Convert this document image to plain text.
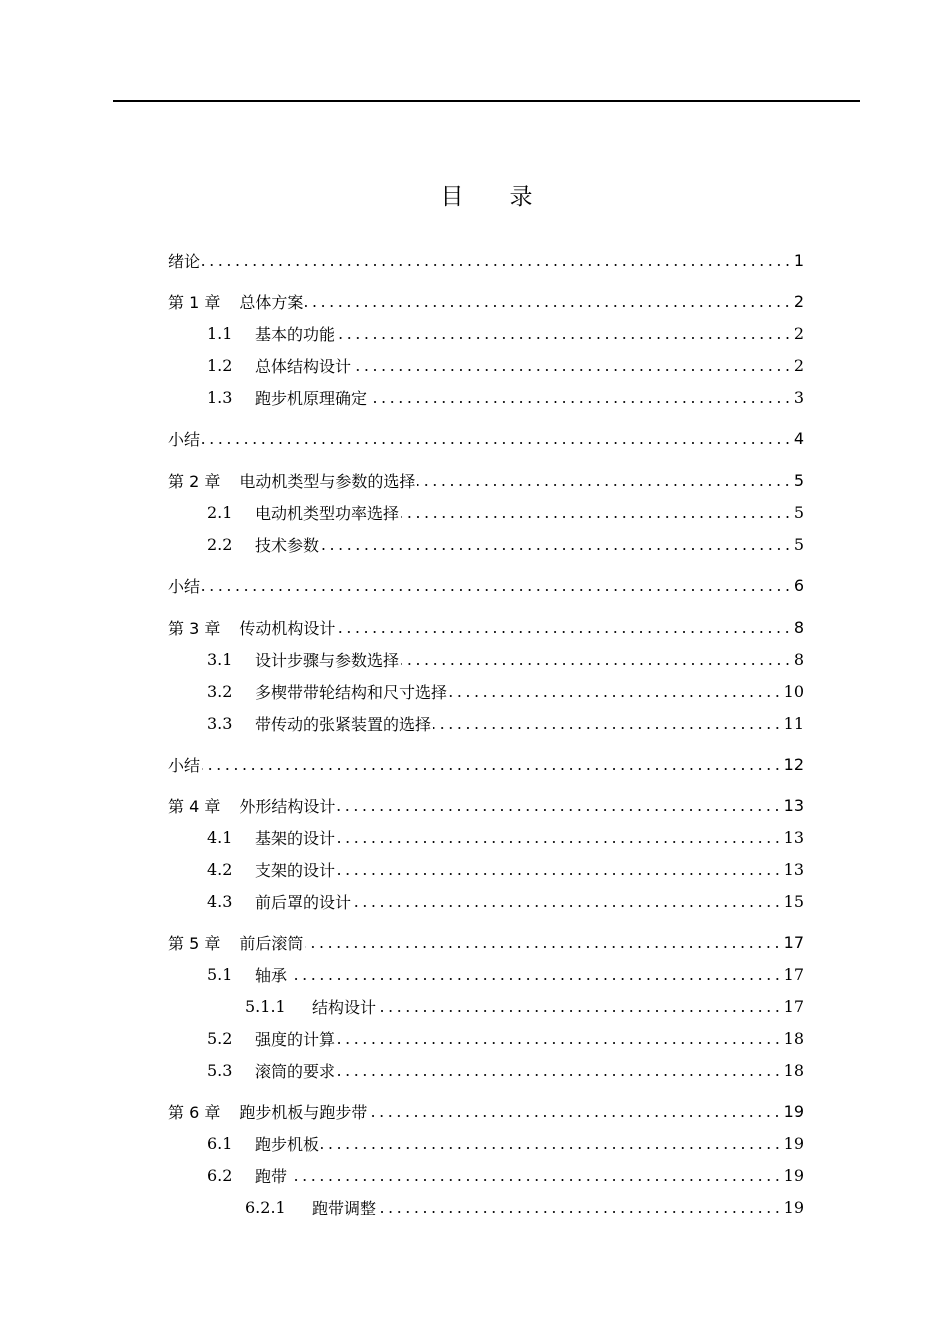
目 录
绪论	1
第 1 章 总体方案	2
1.1	基本的功能	2
1.2	总体结构设计	2
1.3	跑步机原理确定	3
小结	4
第 2 章 电动机类型与参数的选择	5
2.1	电动机类型功率选择	5
2.2	技术参数	5
小结	6
第 3 章 传动机构设计	8
3.1	设计步骤与参数选择	8
3.2	多楔带带轮结构和尺寸选择	10
3.3	带传动的张紧装置的选择	11
小结	12
第 4 章 外形结构设计	13
4.1	基架的设计	13
4.2	支架的设计	13
4.3	前后罩的设计	15
第 5 章 前后滚筒	17
5.1	轴承	17
5.1.1	结构设计	17
5.2	强度的计算	18
5.3	滚筒的要求	18
第 6 章 跑步机板与跑步带	19
6.1	跑步机板	19
6.2	跑带	19
6.2.1	跑带调整	19
